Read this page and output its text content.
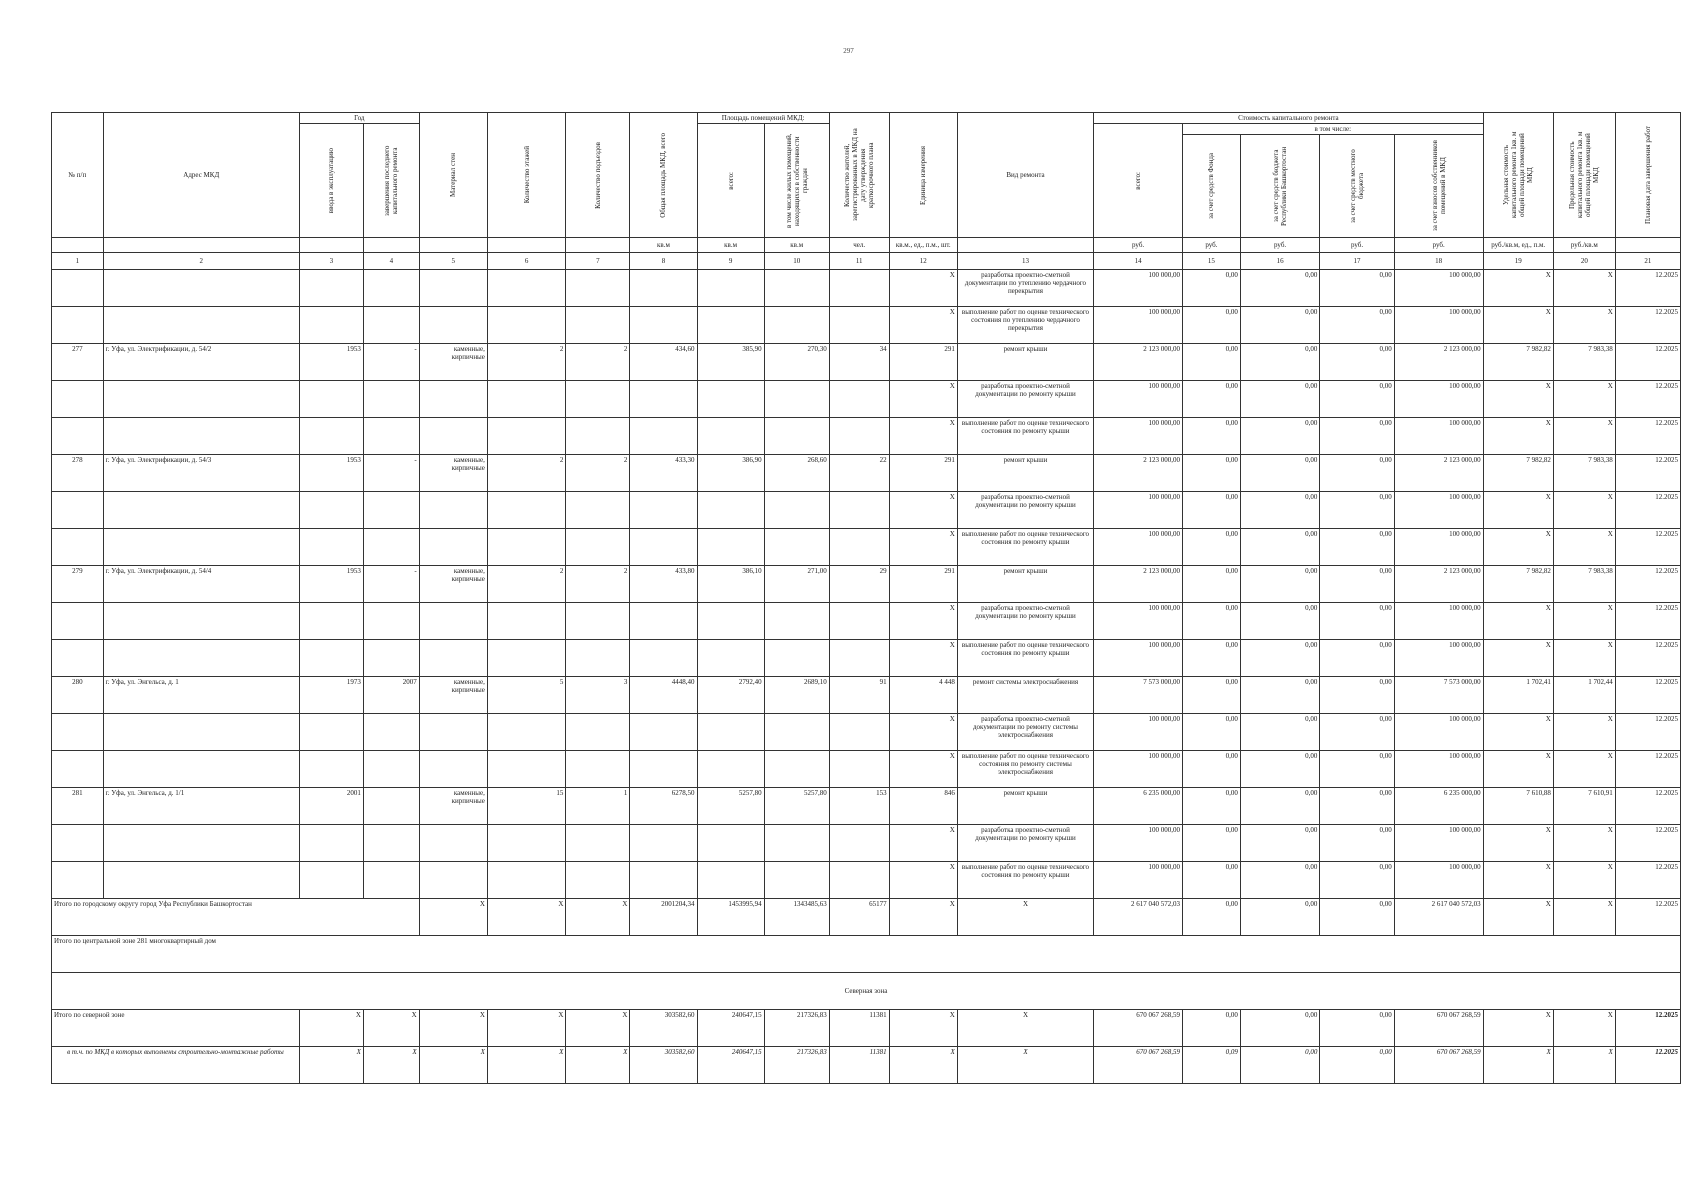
297
№ п/п	Адрес МКД	Год		Материал стен	Количество этажей	Количество подъездов	Общая площадь МКД, всего	Площадь помещений МКД:		Количество жителей, зарегистрированных в МКД на дату утверждения краткосрочного плана	Единица измерения	Вид ремонта	Стоимость капитального ремонта					Удельная стоимость капитального ремонта 1кв. м общей площади помещений МКД	Предельная стоимость капитального ремонта 1кв. м общей площади помещений МКД	Плановая дата завершения работ

		ввода в эксплуатацию	завершения последнего капитального ремонта					всего:	в том числе жилых помещений, находящихся в собственности граждан				всего:	в том числе:						

														за счет средств Фонда	за счет средств бюджета Республики Башкортостан	за счет средств местного бюджета	за счет взносов собственников помещений в МКД			

							кв.м	кв.м	кв.м	чел.	кв.м., ед., п.м., шт.		руб.	руб.	руб.	руб.	руб.	руб./кв.м, ед., п.м.	руб./кв.м	
1	2	3	4	5	6	7	8	9	10	11	12	13	14	15	16	17	18	19	20	21
											X	разработка проектно-сметной документации по утеплению чердачного перекрытия	100 000,00	0,00	0,00	0,00	100 000,00	X	X	12.2025
											X	выполнение работ по оценке технического состояния по утеплению чердачного перекрытия	100 000,00	0,00	0,00	0,00	100 000,00	X	X	12.2025
277	г. Уфа, ул. Электрификации, д. 54/2	1953	-	каменные, кирпичные	2	2	434,60	385,90	270,30	34	291	ремонт крыши	2 123 000,00	0,00	0,00	0,00	2 123 000,00	7 982,82	7 983,38	12.2025
											X	разработка проектно-сметной документации по ремонту крыши	100 000,00	0,00	0,00	0,00	100 000,00	X	X	12.2025
											X	выполнение работ по оценке технического состояния по ремонту крыши	100 000,00	0,00	0,00	0,00	100 000,00	X	X	12.2025
278	г. Уфа, ул. Электрификации, д. 54/3	1953	-	каменные, кирпичные	2	2	433,30	386,90	268,60	22	291	ремонт крыши	2 123 000,00	0,00	0,00	0,00	2 123 000,00	7 982,82	7 983,38	12.2025
											X	разработка проектно-сметной документации по ремонту крыши	100 000,00	0,00	0,00	0,00	100 000,00	X	X	12.2025
											X	выполнение работ по оценке технического состояния по ремонту крыши	100 000,00	0,00	0,00	0,00	100 000,00	X	X	12.2025
279	г. Уфа, ул. Электрификации, д. 54/4	1953	-	каменные, кирпичные	2	2	433,80	386,10	271,00	29	291	ремонт крыши	2 123 000,00	0,00	0,00	0,00	2 123 000,00	7 982,82	7 983,38	12.2025
											X	разработка проектно-сметной документации по ремонту крыши	100 000,00	0,00	0,00	0,00	100 000,00	X	X	12.2025
											X	выполнение работ по оценке технического состояния по ремонту крыши	100 000,00	0,00	0,00	0,00	100 000,00	X	X	12.2025
280	г. Уфа, ул. Энгельса, д. 1	1973	2007	каменные, кирпичные	5	3	4448,40	2792,40	2689,10	91	4 448	ремонт системы электроснабжения	7 573 000,00	0,00	0,00	0,00	7 573 000,00	1 702,41	1 702,44	12.2025
											X	разработка проектно-сметной документации по ремонту системы электроснабжения	100 000,00	0,00	0,00	0,00	100 000,00	X	X	12.2025
											X	выполнение работ по оценке технического состояния по ремонту системы электроснабжения	100 000,00	0,00	0,00	0,00	100 000,00	X	X	12.2025
281	г. Уфа, ул. Энгельса, д. 1/1	2001		каменные, кирпичные	15	1	6278,50	5257,80	5257,80	153	846	ремонт крыши	6 235 000,00	0,00	0,00	0,00	6 235 000,00	7 610,88	7 610,91	12.2025
											X	разработка проектно-сметной документации по ремонту крыши	100 000,00	0,00	0,00	0,00	100 000,00	X	X	12.2025
											X	выполнение работ по оценке технического состояния по ремонту крыши	100 000,00	0,00	0,00	0,00	100 000,00	X	X	12.2025
Итого по городскому округу город Уфа Республики Башкортостан				X	X	X	2001204,34	1453995,94	1343485,63	65177	X	X	2 617 040 572,03	0,00	0,00	0,00	2 617 040 572,03	X	X	12.2025
Итого по центральной зоне 281 многоквартирный дом																				
Северная зона																				
Итого по северной зоне		X	X	X	X	X	303582,60	240647,15	217326,83	11381	X	X	670 067 268,59	0,00	0,00	0,00	670 067 268,59	X	X	12.2025
в т.ч. по МКД в которых выполнены строительно-монтажные работы		X	X	X	X	X	303582,60	240647,15	217326,83	11381	X	X	670 067 268,59	0,09	0,00	0,00	670 067 268,59	X	X	12.2025
